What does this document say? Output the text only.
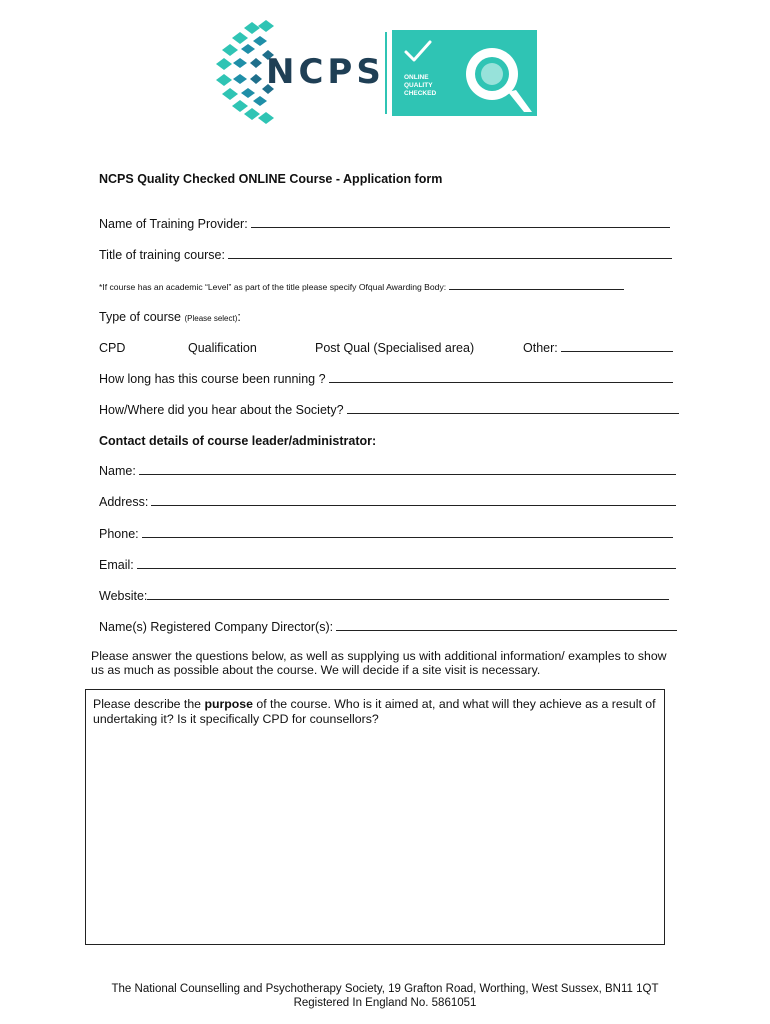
NCPS	ONLINE
QUALITY
CHECKED
NCPS Quality Checked ONLINE Course - Application form
Name of Training Provider:
Title of training course:
*If course has an academic “Level” as part of the title please specify Ofqual Awarding Body:
Type of course (Please select):
CPD	Qualification	Post Qual (Specialised area)	Other:
How long has this course been running ?
How/Where did you hear about the Society?
Contact details of course leader/administrator:
Name:
Address:
Phone:
Email:
Website:
Name(s) Registered Company Director(s):
Please answer the questions below, as well as supplying us with additional information/ examples to show us as much as possible about the course. We will decide if a site visit is necessary.
Please describe the purpose of the course. Who is it aimed at, and what will they achieve as a result of undertaking it? Is it specifically CPD for counsellors?
The National Counselling and Psychotherapy Society, 19 Grafton Road, Worthing, West Sussex, BN11 1QT
Registered In England No. 5861051
